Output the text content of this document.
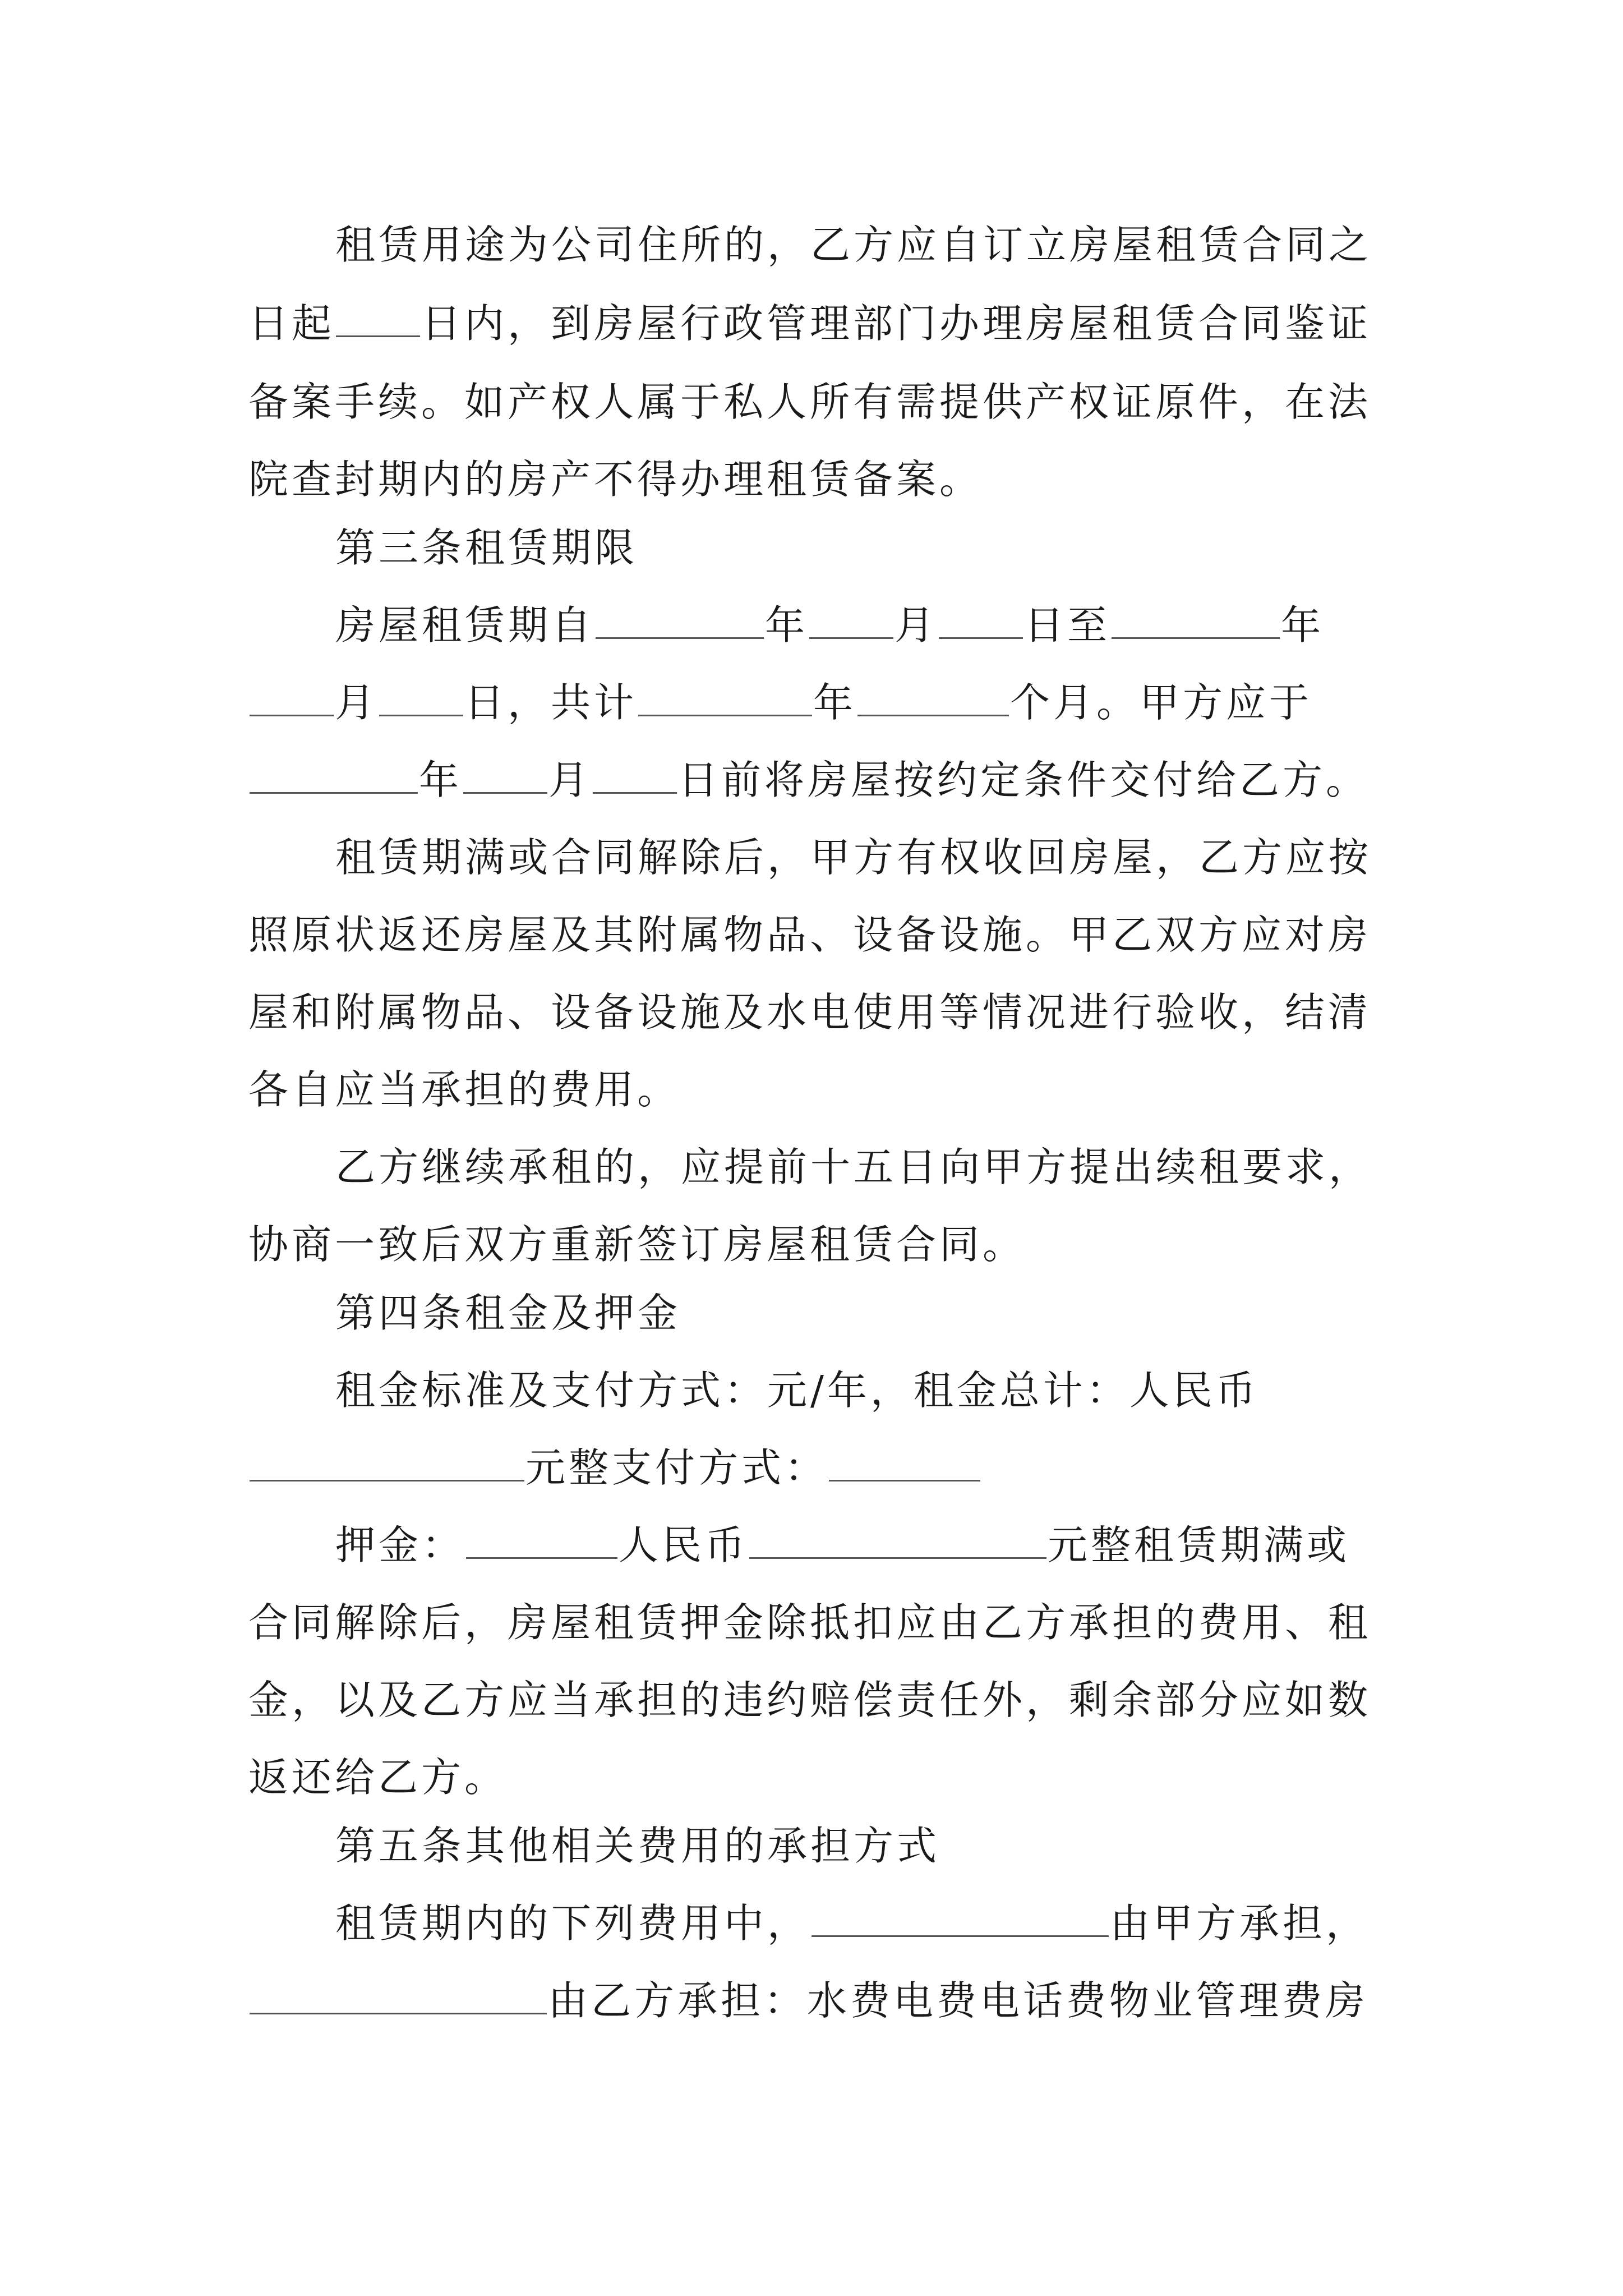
租赁用途为公司住所的，乙方应自订立房屋租赁合同之
日起 日内，到房屋行政管理部门办理房屋租赁合同鉴证
备案手续。如产权人属于私人所有需提供产权证原件，在法
院查封期内的房产不得办理租赁备案。
第三条租赁期限
房屋租赁期自	年 月 日至	年
月 日，共计	年	个月。甲方应于
年 月 日前将房屋按约定条件交付给乙方。
租赁期满或合同解除后，甲方有权收回房屋，乙方应按
照原状返还房屋及其附属物品、设备设施。甲乙双方应对房
屋和附属物品、设备设施及水电使用等情况进行验收，结清
各自应当承担的费用。
乙方继续承租的，应提前十五日向甲方提出续租要求，
协商一致后双方重新签订房屋租赁合同。
第四条租金及押金
租金标准及支付方式：元/年，租金总计：人民币
元整支付方式：
押金：	人民币	元整租赁期满或
合同解除后，房屋租赁押金除抵扣应由乙方承担的费用、租
金，以及乙方应当承担的违约赔偿责任外，剩余部分应如数
返还给乙方。
第五条其他相关费用的承担方式
租赁期内的下列费用中，	由甲方承担，
由乙方承担：水费电费电话费物业管理费房
